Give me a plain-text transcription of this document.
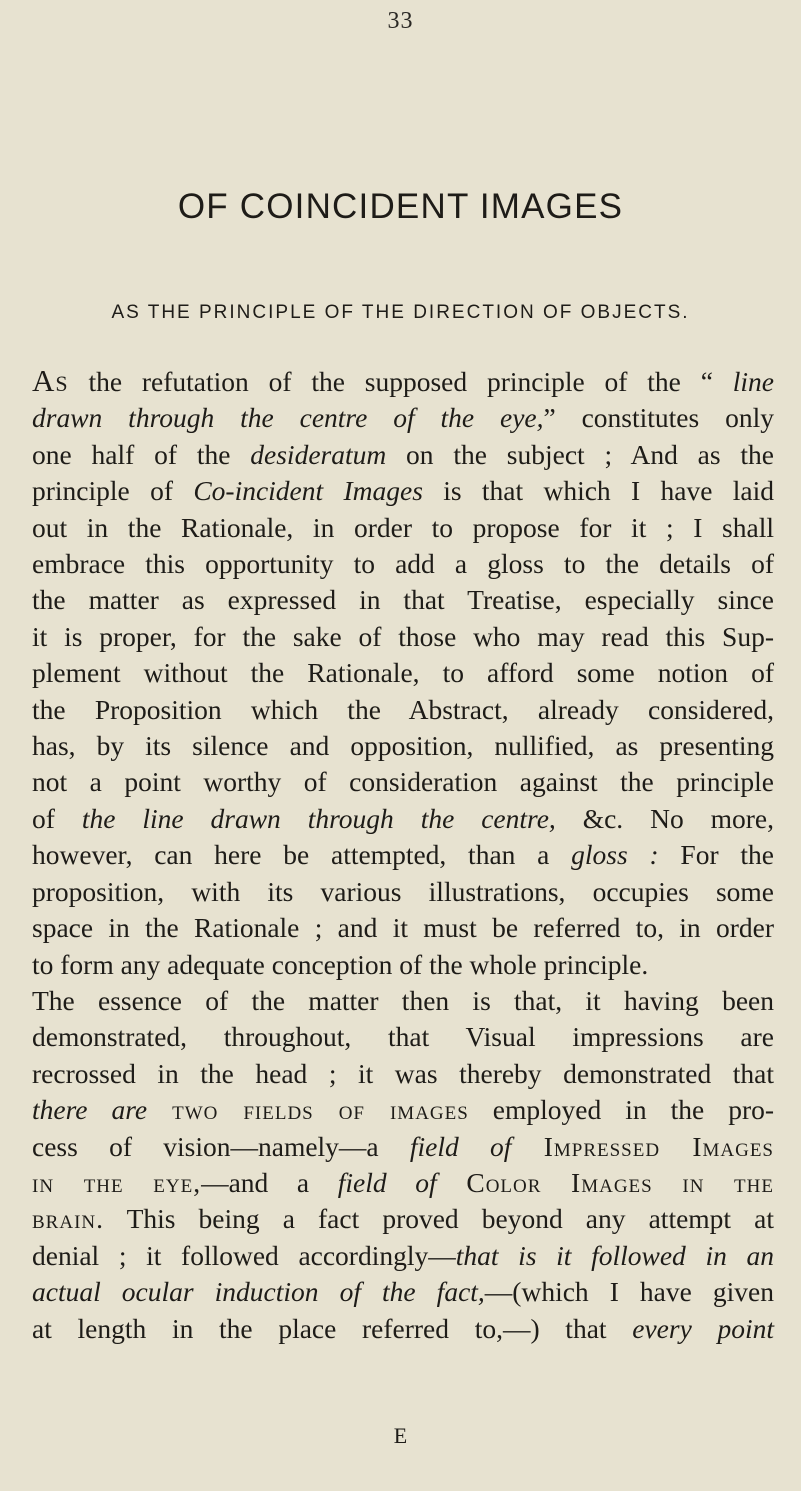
33
OF COINCIDENT IMAGES
AS THE PRINCIPLE OF THE DIRECTION OF OBJECTS.
As the refutation of the supposed principle of the “ line
drawn through the centre of the eye,” constitutes only
one half of the desideratum on the subject ; And as the
principle of Co-incident Images is that which I have laid
out in the Rationale, in order to propose for it ; I shall
embrace this opportunity to add a gloss to the details of
the matter as expressed in that Treatise, especially since
it is proper, for the sake of those who may read this Sup-
plement without the Rationale, to afford some notion of
the Proposition which the Abstract, already considered,
has, by its silence and opposition, nullified, as presenting
not a point worthy of consideration against the principle
of the line drawn through the centre, &c. No more,
however, can here be attempted, than a gloss : For the
proposition, with its various illustrations, occupies some
space in the Rationale ; and it must be referred to, in order
to form any adequate conception of the whole principle.
The essence of the matter then is that, it having been
demonstrated, throughout, that Visual impressions are
recrossed in the head ; it was thereby demonstrated that
there are two fields of images employed in the pro-
cess of vision—namely—a field of Impressed Images
in the eye,—and a field of Color Images in the
brain. This being a fact proved beyond any attempt at
denial ; it followed accordingly—that is it followed in an
actual ocular induction of the fact,—(which I have given
at length in the place referred to,—) that every point
E
